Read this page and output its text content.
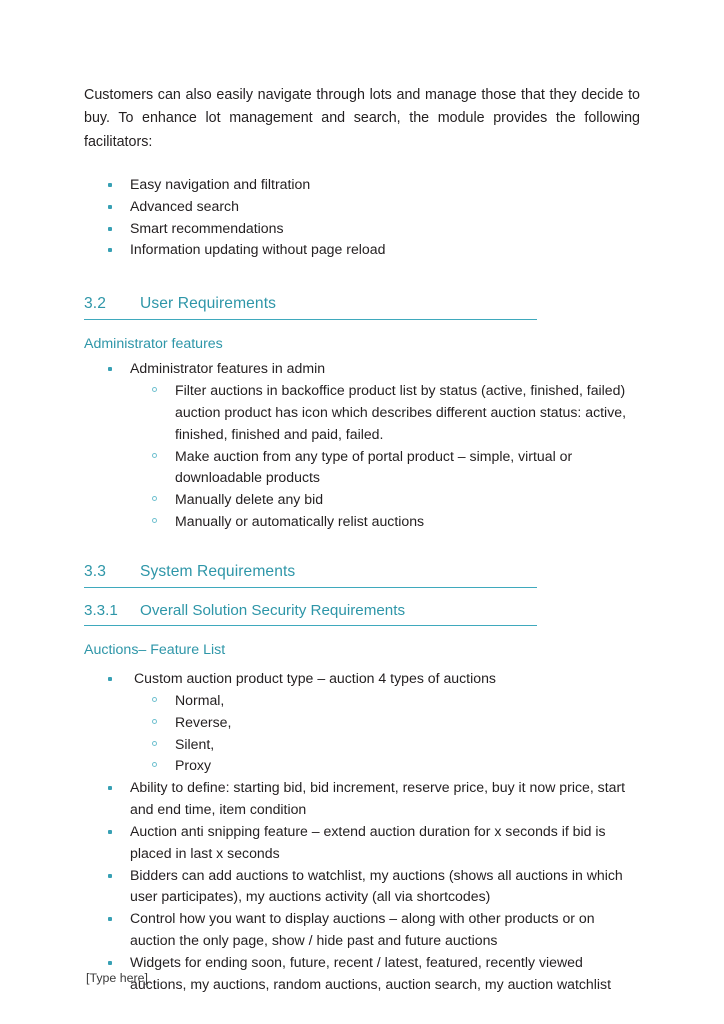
Customers can also easily navigate through lots and manage those that they decide to buy. To enhance lot management and search, the module provides the following facilitators:

Easy navigation and filtration
Advanced search
Smart recommendations
Information updating without page reload
3.2	User Requirements
Administrator features
Administrator features in admin
Filter auctions in backoffice product list by status (active, finished, failed) auction product has icon which describes different auction status: active, finished, finished and paid, failed.
Make auction from any type of portal product – simple, virtual or downloadable products
Manually delete any bid
Manually or automatically relist auctions
3.3	System Requirements
3.3.1	Overall Solution Security Requirements
Auctions– Feature List
Custom auction product type – auction 4 types of auctions
Normal,
Reverse,
Silent,
Proxy
Ability to define: starting bid, bid increment, reserve price, buy it now price, start and end time, item condition
Auction anti snipping feature – extend auction duration for x seconds if bid is placed in last x seconds
Bidders can add auctions to watchlist, my auctions (shows all auctions in which user participates), my auctions activity (all via shortcodes)
Control how you want to display auctions – along with other products or on auction the only page, show / hide past and future auctions
Widgets for ending soon, future, recent / latest, featured, recently viewed auctions, my auctions, random auctions, auction search, my auction watchlist
[Type here]
